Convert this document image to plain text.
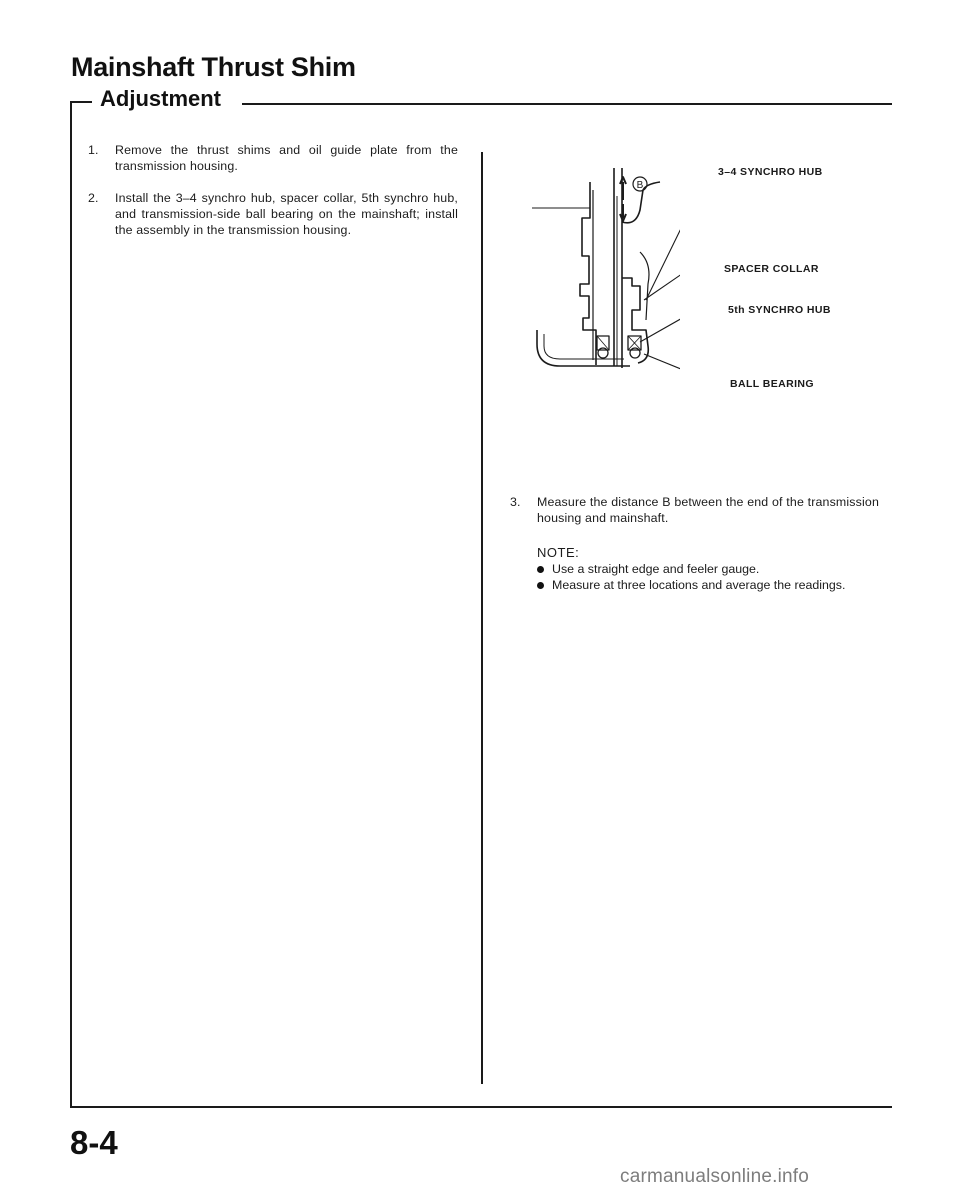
Mainshaft Thrust Shim
Adjustment
1. Remove the thrust shims and oil guide plate from the transmission housing.
2. Install the 3–4 synchro hub, spacer collar, 5th synchro hub, and transmission-side ball bearing on the mainshaft; install the assembly in the transmission housing.
B
3–4 SYNCHRO HUB
SPACER COLLAR
5th SYNCHRO HUB
BALL BEARING
3. Measure the distance B between the end of the transmission housing and mainshaft.
NOTE:
Use a straight edge and feeler gauge.
Measure at three locations and average the readings.
8-4
carmanualsonline.info
